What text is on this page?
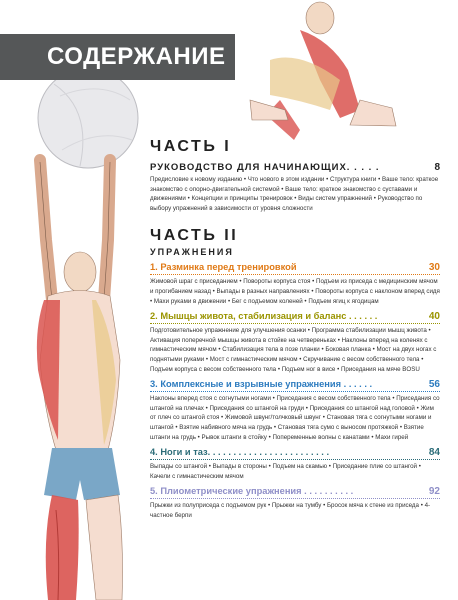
СОДЕРЖАНИЕ

ЧАСТЬ I

РУКОВОДСТВО ДЛЯ НАЧИНАЮЩИХ. . . . .	8

Предисловие к новому изданию • Что нового в этом издании • Структура книги • Ваше тело: краткое знакомство с опорно-двигательной системой • Ваше тело: краткое знакомство с суставами и движениями • Концепции и принципы тренировок • Виды систем упражнений • Руководство по выбору упражнений в зависимости от уровня сложности

ЧАСТЬ II

УПРАЖНЕНИЯ

1. Разминка перед тренировкой	30

Жимовой шраг с приседанием • Повороты корпуса стоя • Подъем из приседа с медицинским мячом и прогибанием назад • Выпады в разных направлениях • Повороты корпуса с наклоном вперед сидя • Махи руками в движении • Бег с подъемом коленей • Подъем ягиц к ягодицам

2. Мышцы живота, стабилизация и баланс . . . . . .	40

Подготовительное упражнение для улучшения осанки • Программа стабилизации мышц живота • Активация поперечной мышцы живота в стойке на четвереньках • Наклоны вперед на коленях с гимнастическим мячом • Стабилизация тела в позе планки • Боковая планка • Мост на двух ногах с поднятыми руками • Мост с гимнастическим мячом • Скручивание с весом собственного тела • Подъем корпуса с весом собственного тела • Подъем ног в висе • Приседания на мяче BOSU

3. Комплексные и взрывные упражнения . . . . . .	56

Наклоны вперед стоя с согнутыми ногами • Приседания с весом собственного тела • Приседания со штангой на плечах • Приседания со штангой на груди • Приседания со штангой над головой • Жим от плеч со штангой стоя • Жимовой швунг/толчковый швунг • Становая тяга с согнутыми ногами и штангой • Взятие набивного мяча на грудь • Становая тяга сумо с выносом протяжкой • Взятие штанги на грудь • Рывок штанги в стойку • Попеременные волны с канатами • Махи гирей

4. Ноги и таз. . . . . . . . . . . . . . . . . . . . . . . .	84

Выпады со штангой • Выпады в стороны • Подъем на скамью • Приседание плие со штангой • Качели с гимнастическим мячом

5. Плиометрические упражнения . . . . . . . . . .	92

Прыжки из полуприседа с подъемом рук • Прыжки на тумбу • Бросок мяча к стене из приседа • 4-частное берпи
